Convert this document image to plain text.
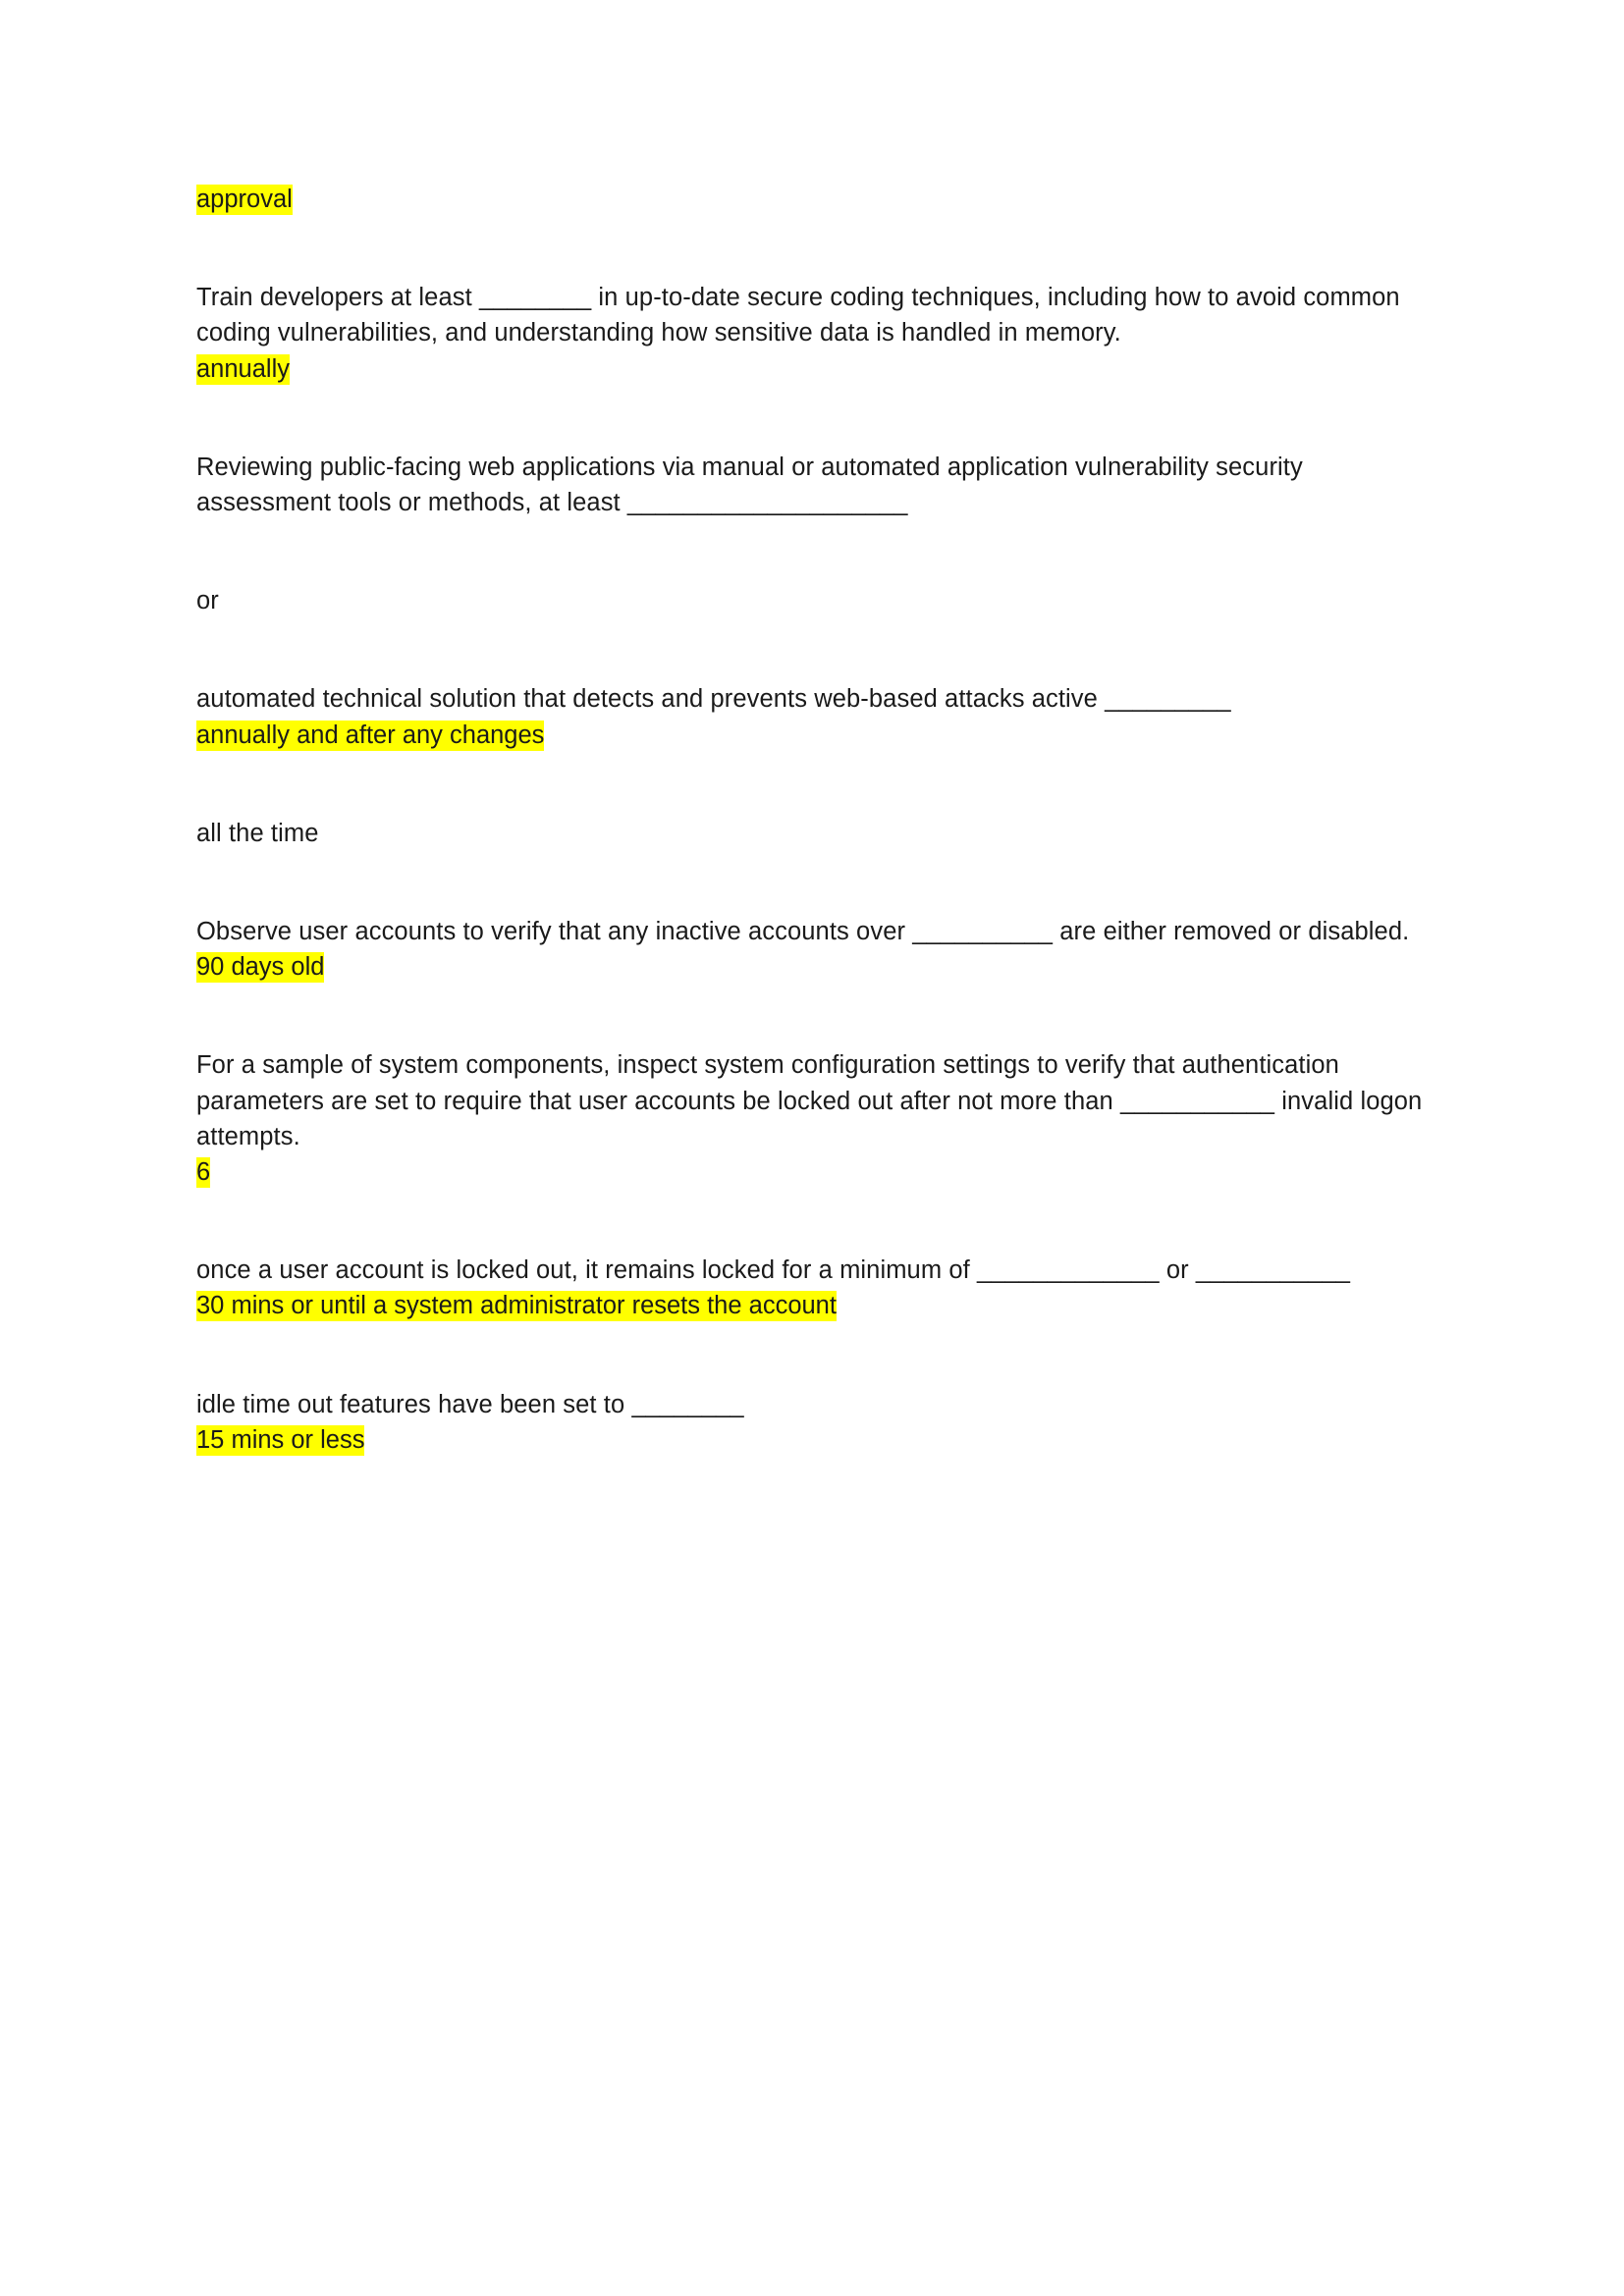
approval

Train developers at least ________ in up-to-date secure coding techniques, including how to avoid common coding vulnerabilities, and understanding how sensitive data is handled in memory.

annually

Reviewing public-facing web applications via manual or automated application vulnerability security assessment tools or methods, at least ____________________

or

automated technical solution that detects and prevents web-based attacks active _________

annually and after any changes

all the time

Observe user accounts to verify that any inactive accounts over __________ are either removed or disabled.

90 days old

For a sample of system components, inspect system configuration settings to verify that authentication parameters are set to require that user accounts be locked out after not more than ___________ invalid logon attempts.

6

once a user account is locked out, it remains locked for a minimum of _____________ or ___________

30 mins or until a system administrator resets the account

idle time out features have been set to ________

15 mins or less
